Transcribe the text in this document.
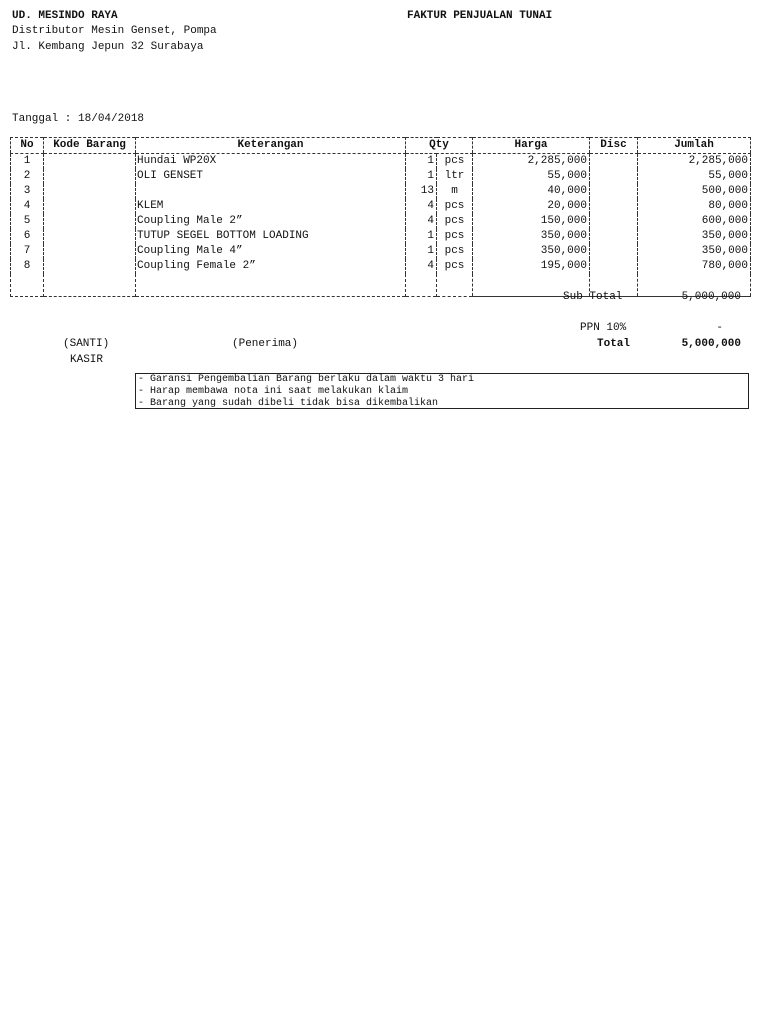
UD. MESINDO RAYA	FAKTUR PENJUALAN TUNAI
Distributor Mesin Genset, Pompa
Jl. Kembang Jepun 32 Surabaya
Tanggal : 18/04/2018
No	Kode Barang	Keterangan	Qty		Harga	Disc	Jumlah
1		Hundai WP20X	1	pcs	2,285,000		2,285,000
2		OLI GENSET	1	ltr	55,000		55,000
3			13	m	40,000		500,000
4		KLEM	4	pcs	20,000		80,000
5		Coupling Male 2”	4	pcs	150,000		600,000
6		TUTUP SEGEL BOTTOM LOADING	1	pcs	350,000		350,000
7		Coupling Male 4”	1	pcs	350,000		350,000
8		Coupling Female 2”	4	pcs	195,000		780,000

Sub Total	5,000,000
PPN 10%	-
Total	5,000,000
(SANTI)
KASIR
(Penerima)
- Garansi Pengembalian Barang berlaku dalam waktu 3 hari
- Harap membawa nota ini saat melakukan klaim
- Barang yang sudah dibeli tidak bisa dikembalikan
